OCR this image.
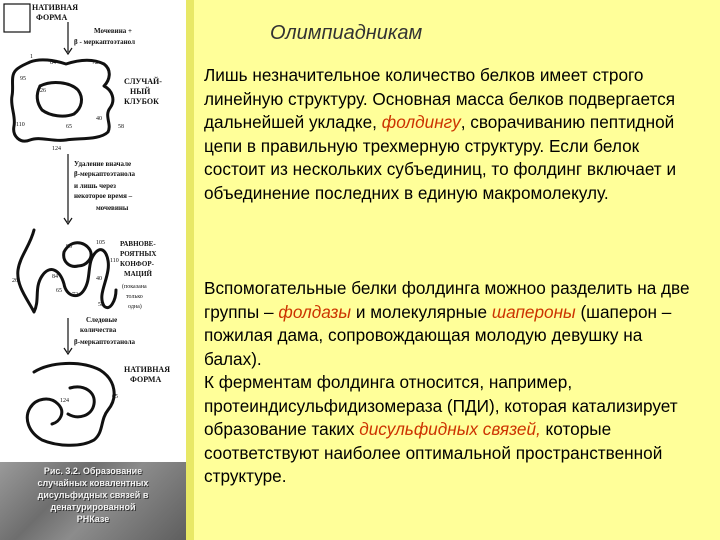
НАТИВНАЯ
ФОРМА
Мочевина +
β - меркаптоэтанол
95
84	72
26
40
58
110	65
124
1
СЛУЧАЙ-
НЫЙ
КЛУБОК
Удаление вначале
β-меркаптоэтанола
и лишь через
некоторое время –
мочевины
105
95
26
84	40
72
58
65
110
РАВНОВЕ-
РОЯТНЫХ
КОНФОР-
МАЦИЙ
(показана
только
одна)
Следовые
количества
β-меркаптоэтанола
НАТИВНАЯ
ФОРМА
65
124
Рис. 3.2. Образование
случайных ковалентных
дисульфидных связей в
денатурированной
РНКазе
Олимпиадникам

Лишь незначительное количество белков имеет строго линейную структуру. Основная масса белков подвергается дальнейшей укладке, фолдингу, сворачиванию пептидной цепи в правильную трехмерную структуру. Если белок состоит из нескольких субъединиц, то фолдинг включает и объединение последних в единую макромолекулу.

Вспомогательные белки фолдинга можноо разделить на две группы – фолдазы и молекулярные шапероны (шаперон – пожилая дама, сопровождающая молодую девушку на балах).
К ферментам фолдинга относится, например, протеиндисульфидизомераза (ПДИ), которая катализирует образование таких дисульфидных связей, которые соответствуют наиболее оптимальной пространственной структуре.
